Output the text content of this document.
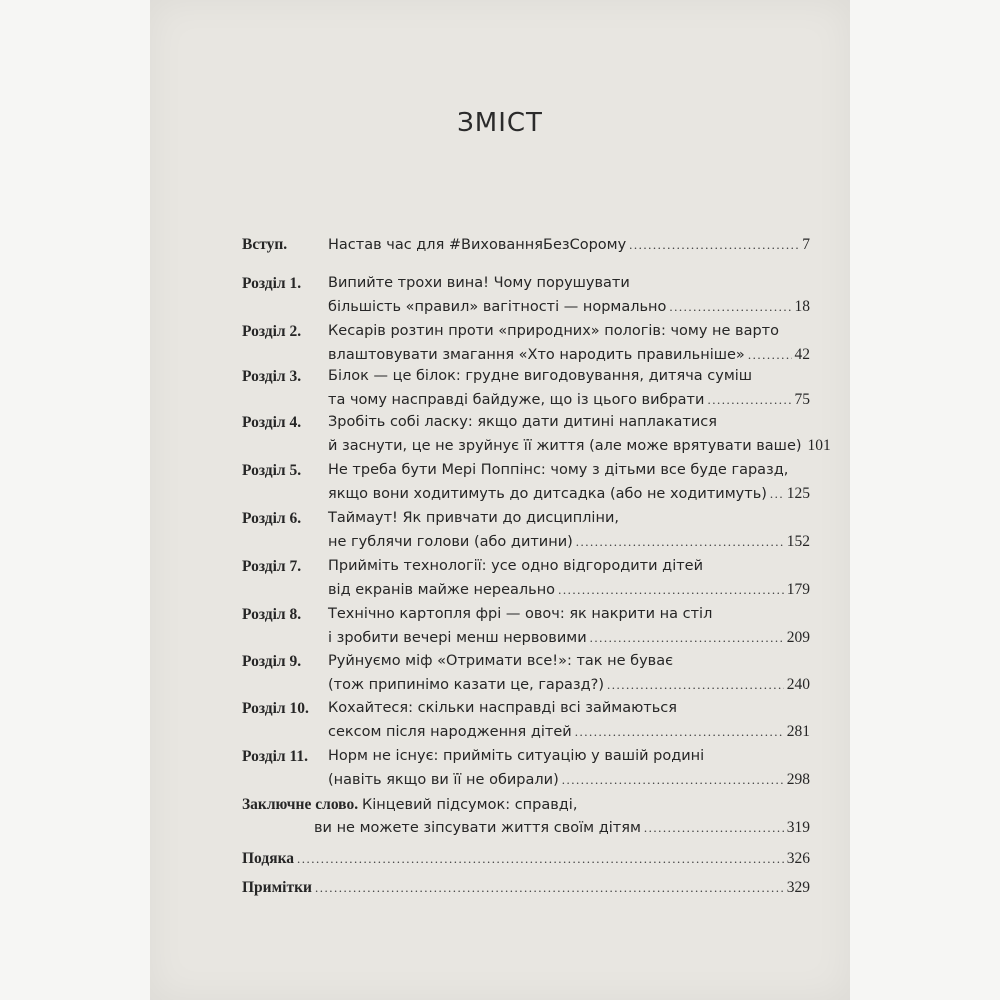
ЗМІСТ
Вступ.	Настав час для #ВихованняБезСорому .....	7
Розділ 1. Випийте трохи вина! Чому порушувати
більшість «правил» вагітності — нормально .....	18
Розділ 2. Кесарів розтин проти «природних» пологів: чому не варто
влаштовувати змагання «Хто народить правильніше» .....	42
Розділ 3. Білок — це білок: грудне вигодовування, дитяча суміш
та чому насправді байдуже, що із цього вибрати .....	75
Розділ 4. Зробіть собі ласку: якщо дати дитині наплакатися
й заснути, це не зруйнує її життя (але може врятувати ваше) 101
Розділ 5. Не треба бути Мері Поппінс: чому з дітьми все буде гаразд,
якщо вони ходитимуть до дитсадка (або не ходитимуть) ..... 125
Розділ 6. Таймаут! Як привчати до дисципліни,
не гублячи голови (або дитини) .....	152
Розділ 7. Прийміть технології: усе одно відгородити дітей
від екранів майже нереально .....	179
Розділ 8. Технічно картопля фрі — овоч: як накрити на стіл
і зробити вечері менш нервовими .....	209
Розділ 9. Руйнуємо міф «Отримати все!»: так не буває
(тож припинімо казати це, гаразд?) .....	240
Розділ 10. Кохайтеся: скільки насправді всі займаються
сексом після народження дітей .....	281
Розділ 11. Норм не існує: прийміть ситуацію у вашій родині
(навіть якщо ви її не обирали) .....	298
Заключне слово. Кінцевий підсумок: справді,
ви не можете зіпсувати життя своїм дітям .....	319
Подяка .....	326
Примітки .....	329
